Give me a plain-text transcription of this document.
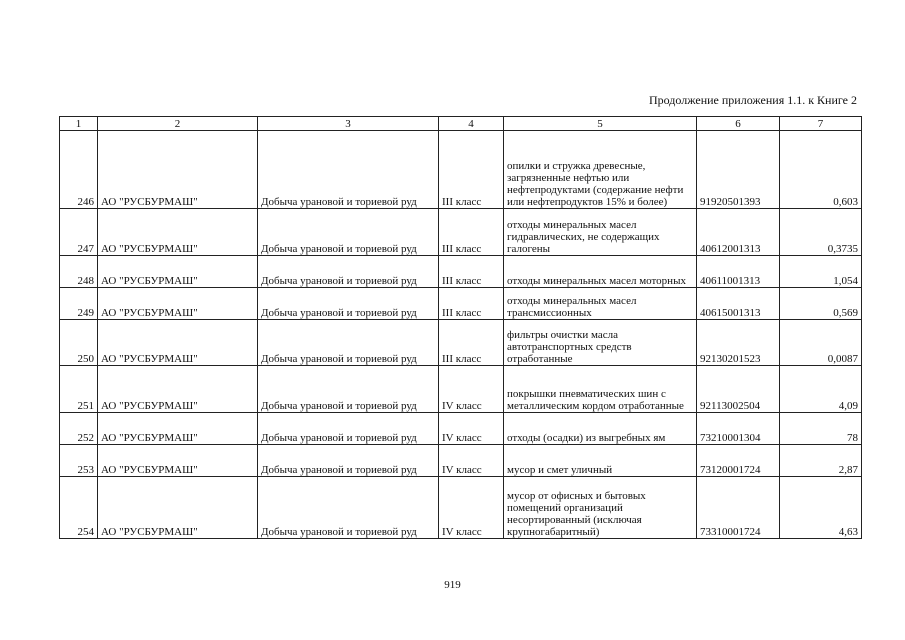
Продолжение приложения 1.1. к Книге 2
1	2	3	4	5	6	7
246	АО "РУСБУРМАШ"	Добыча урановой и ториевой руд	III класс	опилки и стружка древесные, загрязненные нефтью или нефтепродуктами (содержание нефти или нефтепродуктов 15% и более)	91920501393	0,603
247	АО "РУСБУРМАШ"	Добыча урановой и ториевой руд	III класс	отходы минеральных масел гидравлических, не содержащих галогены	40612001313	0,3735
248	АО "РУСБУРМАШ"	Добыча урановой и ториевой руд	III класс	отходы минеральных масел моторных	40611001313	1,054
249	АО "РУСБУРМАШ"	Добыча урановой и ториевой руд	III класс	отходы минеральных масел трансмиссионных	40615001313	0,569
250	АО "РУСБУРМАШ"	Добыча урановой и ториевой руд	III класс	фильтры очистки масла автотранспортных средств отработанные	92130201523	0,0087
251	АО "РУСБУРМАШ"	Добыча урановой и ториевой руд	IV класс	покрышки пневматических шин с металлическим кордом отработанные	92113002504	4,09
252	АО "РУСБУРМАШ"	Добыча урановой и ториевой руд	IV класс	отходы (осадки) из выгребных ям	73210001304	78
253	АО "РУСБУРМАШ"	Добыча урановой и ториевой руд	IV класс	мусор и смет уличный	73120001724	2,87
254	АО "РУСБУРМАШ"	Добыча урановой и ториевой руд	IV класс	мусор от офисных и бытовых помещений организаций несортированный (исключая крупногабаритный)	73310001724	4,63
919
